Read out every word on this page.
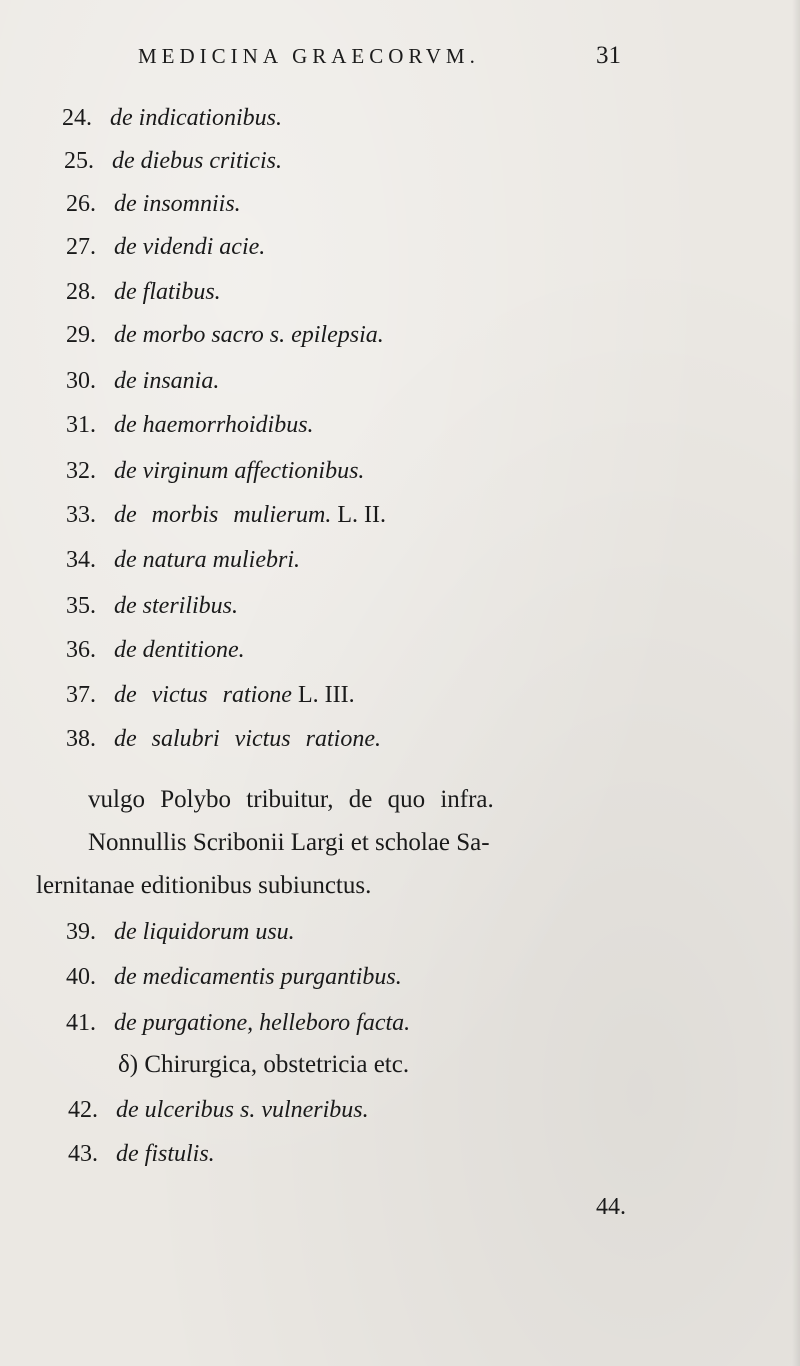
MEDICINA GRAECORVM.	31
24. de indicationibus.
25. de diebus criticis.
26. de insomniis.
27. de videndi acie.
28. de flatibus.
29. de morbo sacro s. epilepsia.
30. de insania.
31. de haemorrhoidibus.
32. de virginum affectionibus.
33. de morbis mulierum. L. II.
34. de natura muliebri.
35. de sterilibus.
36. de dentitione.
37. de victus ratione L. III.
38. de salubri victus ratione.
vulgo Polybo tribuitur, de quo infra.
Nonnullis Scribonii Largi et scholae Sa-
lernitanae editionibus subiunctus.
39. de liquidorum usu.
40. de medicamentis purgantibus.
41. de purgatione, helleboro facta.
δ) Chirurgica, obstetricia etc.
42. de ulceribus s. vulneribus.
43. de fistulis.
44.
